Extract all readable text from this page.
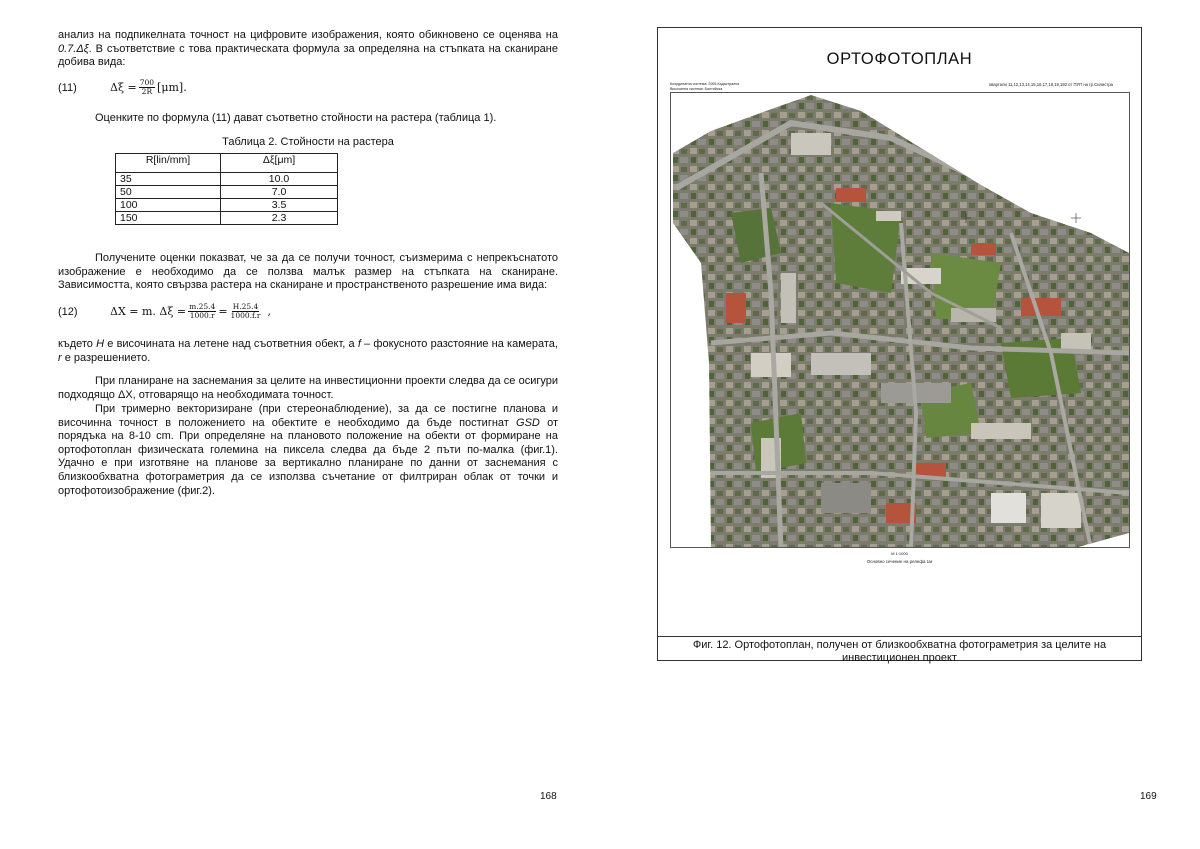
анализ на подпикелната точност на цифровите изображения, която обикновено се оценява на 0.7.Δξ. В съответствие с това практическата формула за определяна на стъпката на сканиране добива вида:

(11)	$\Delta\xi = \frac{700}{2R} [\mu m]$.
Оценките по формула (11) дават съответно стойности на растера (таблица 1).
Таблица 2. Стойности на растера
R[lin/mm]	Δξ[μm]
35	10.0
50	7.0
100	3.5
150	2.3
Получените оценки показват, че за да се получи точност, съизмерима с непрекъснатото изображение е необходимо да се ползва малък размер на стъпката на сканиране. Зависимостта, която свързва растера на сканиране и пространственото разрешение има вида:
(12)	ΔX = m. $\Delta\xi = \frac{m.25.4}{1000.r} = \frac{H.25.4}{1000.f.r}$ ,

където H е височината на летене над съответния обект, а f – фокусното разстояние на камерата, r е разрешението.

При планиране на заснемания за целите на инвестиционни проекти следва да се осигури подходящо ΔX, отговарящо на необходимата точност.

При тримерно векторизиране (при стереонаблюдение), за да се постигне планова и височинна точност в положението на обектите е необходимо да бъде постигнат GSD от порядъка на 8-10 cm. При определяне на плановото положение на обекти от формиране на ортофотоплан физическата големина на пиксела следва да бъде 2 пъти по-малка (фиг.1). Удачно е при изготвяне на планове за вертикално планиране по данни от заснемания с близкообхватна фотограметрия да се използва съчетание от филтриран облак от точки и ортофотоизображение (фиг.2).

168	169
ОРТОФОТОПЛАН
Координатна система: 2005-Кадастрална
Височинна система: Балтийска
квартали 11,12,13,14,15,16,17,18,19,192 от ПУП на гр.Силистра
М 1:1000
Основно сечение на релефа 1м
Фиг. 12. Ортофотоплан, получен от близкообхватна фотограметрия за целите на инвестиционен проект
